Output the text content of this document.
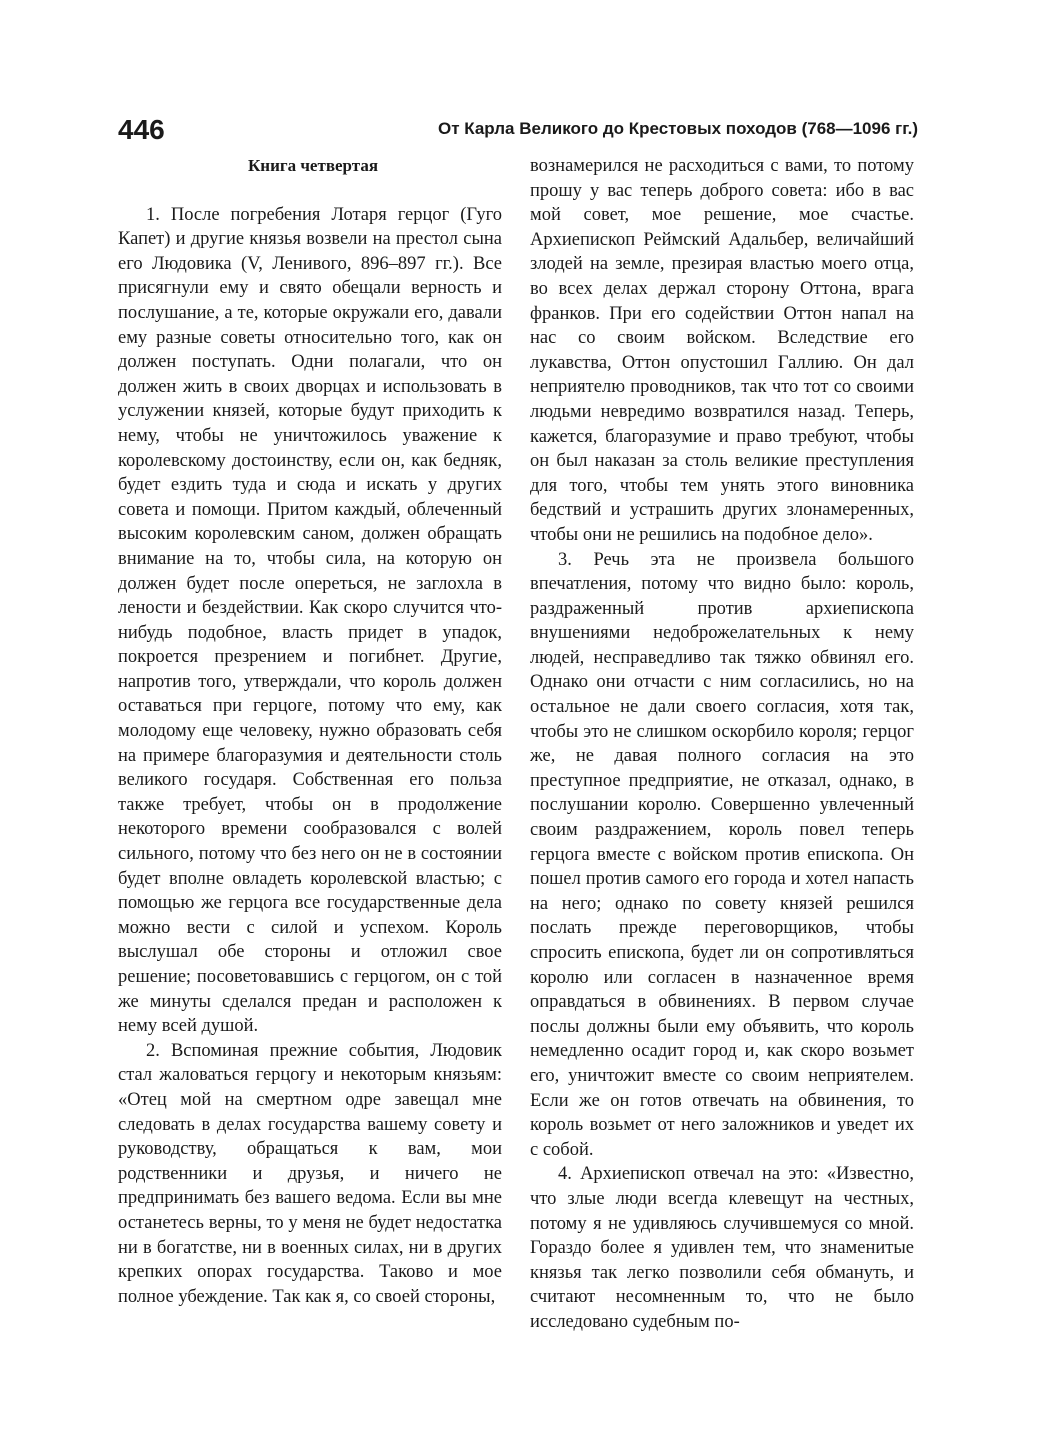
446	От Карла Великого до Крестовых походов (768—1096 гг.)
Книга четвертая

1. После погребения Лотаря герцог (Гуго Капет) и другие князья возвели на престол сына его Людовика (V, Ленивого, 896–897 гг.). Все присягнули ему и свято обещали верность и послушание, а те, которые окружали его, давали ему разные советы относительно того, как он должен поступать. Одни полагали, что он должен жить в своих дворцах и использовать в услужении князей, которые будут приходить к нему, чтобы не уничтожилось уважение к королевскому достоинству, если он, как бедняк, будет ездить туда и сюда и искать у других совета и помощи. Притом каждый, облеченный высоким королевским саном, должен обращать внимание на то, чтобы сила, на которую он должен будет после опереться, не заглохла в лености и бездействии. Как скоро случится что-нибудь подобное, власть придет в упадок, покроется презрением и погибнет. Другие, напротив того, утверждали, что король должен оставаться при герцоге, потому что ему, как молодому еще человеку, нужно образовать себя на примере благоразумия и деятельности столь великого государя. Собственная его польза также требует, чтобы он в продолжение некоторого времени сообразовался с волей сильного, потому что без него он не в состоянии будет вполне овладеть королевской властью; с помощью же герцога все государственные дела можно вести с силой и успехом. Король выслушал обе стороны и отложил свое решение; посоветовавшись с герцогом, он с той же минуты сделался предан и расположен к нему всей душой.

2. Вспоминая прежние события, Людовик стал жаловаться герцогу и некоторым князьям: «Отец мой на смертном одре завещал мне следовать в делах государства вашему совету и руководству, обращаться к вам, мои родственники и друзья, и ничего не предпринимать без вашего ведома. Если вы мне останетесь верны, то у меня не будет недостатка ни в богатстве, ни в военных силах, ни в других крепких опорах государства. Таково и мое полное убеждение. Так как я, со своей стороны,

вознамерился не расходиться с вами, то потому прошу у вас теперь доброго совета: ибо в вас мой совет, мое решение, мое счастье. Архиепископ Реймский Адальбер, величайший злодей на земле, презирая властью моего отца, во всех делах держал сторону Оттона, врага франков. При его содействии Оттон напал на нас со своим войском. Вследствие его лукавства, Оттон опустошил Галлию. Он дал неприятелю проводников, так что тот со своими людьми невредимо возвратился назад. Теперь, кажется, благоразумие и право требуют, чтобы он был наказан за столь великие преступления для того, чтобы тем унять этого виновника бедствий и устрашить других злонамеренных, чтобы они не решились на подобное дело».

3. Речь эта не произвела большого впечатления, потому что видно было: король, раздраженный против архиепископа внушениями недоброжелательных к нему людей, несправедливо так тяжко обвинял его. Однако они отчасти с ним согласились, но на остальное не дали своего согласия, хотя так, чтобы это не слишком оскорбило короля; герцог же, не давая полного согласия на это преступное предприятие, не отказал, однако, в послушании королю. Совершенно увлеченный своим раздражением, король повел теперь герцога вместе с войском против епископа. Он пошел против самого его города и хотел напасть на него; однако по совету князей решился послать прежде переговорщиков, чтобы спросить епископа, будет ли он сопротивляться королю или согласен в назначенное время оправдаться в обвинениях. В первом случае послы должны были ему объявить, что король немедленно осадит город и, как скоро возьмет его, уничтожит вместе со своим неприятелем. Если же он готов отвечать на обвинения, то король возьмет от него заложников и уведет их с собой.

4. Архиепископ отвечал на это: «Известно, что злые люди всегда клевещут на честных, потому я не удивляюсь случившемуся со мной. Гораздо более я удивлен тем, что знаменитые князья так легко позволили себя обмануть, и считают несомненным то, что не было исследовано судебным по-
